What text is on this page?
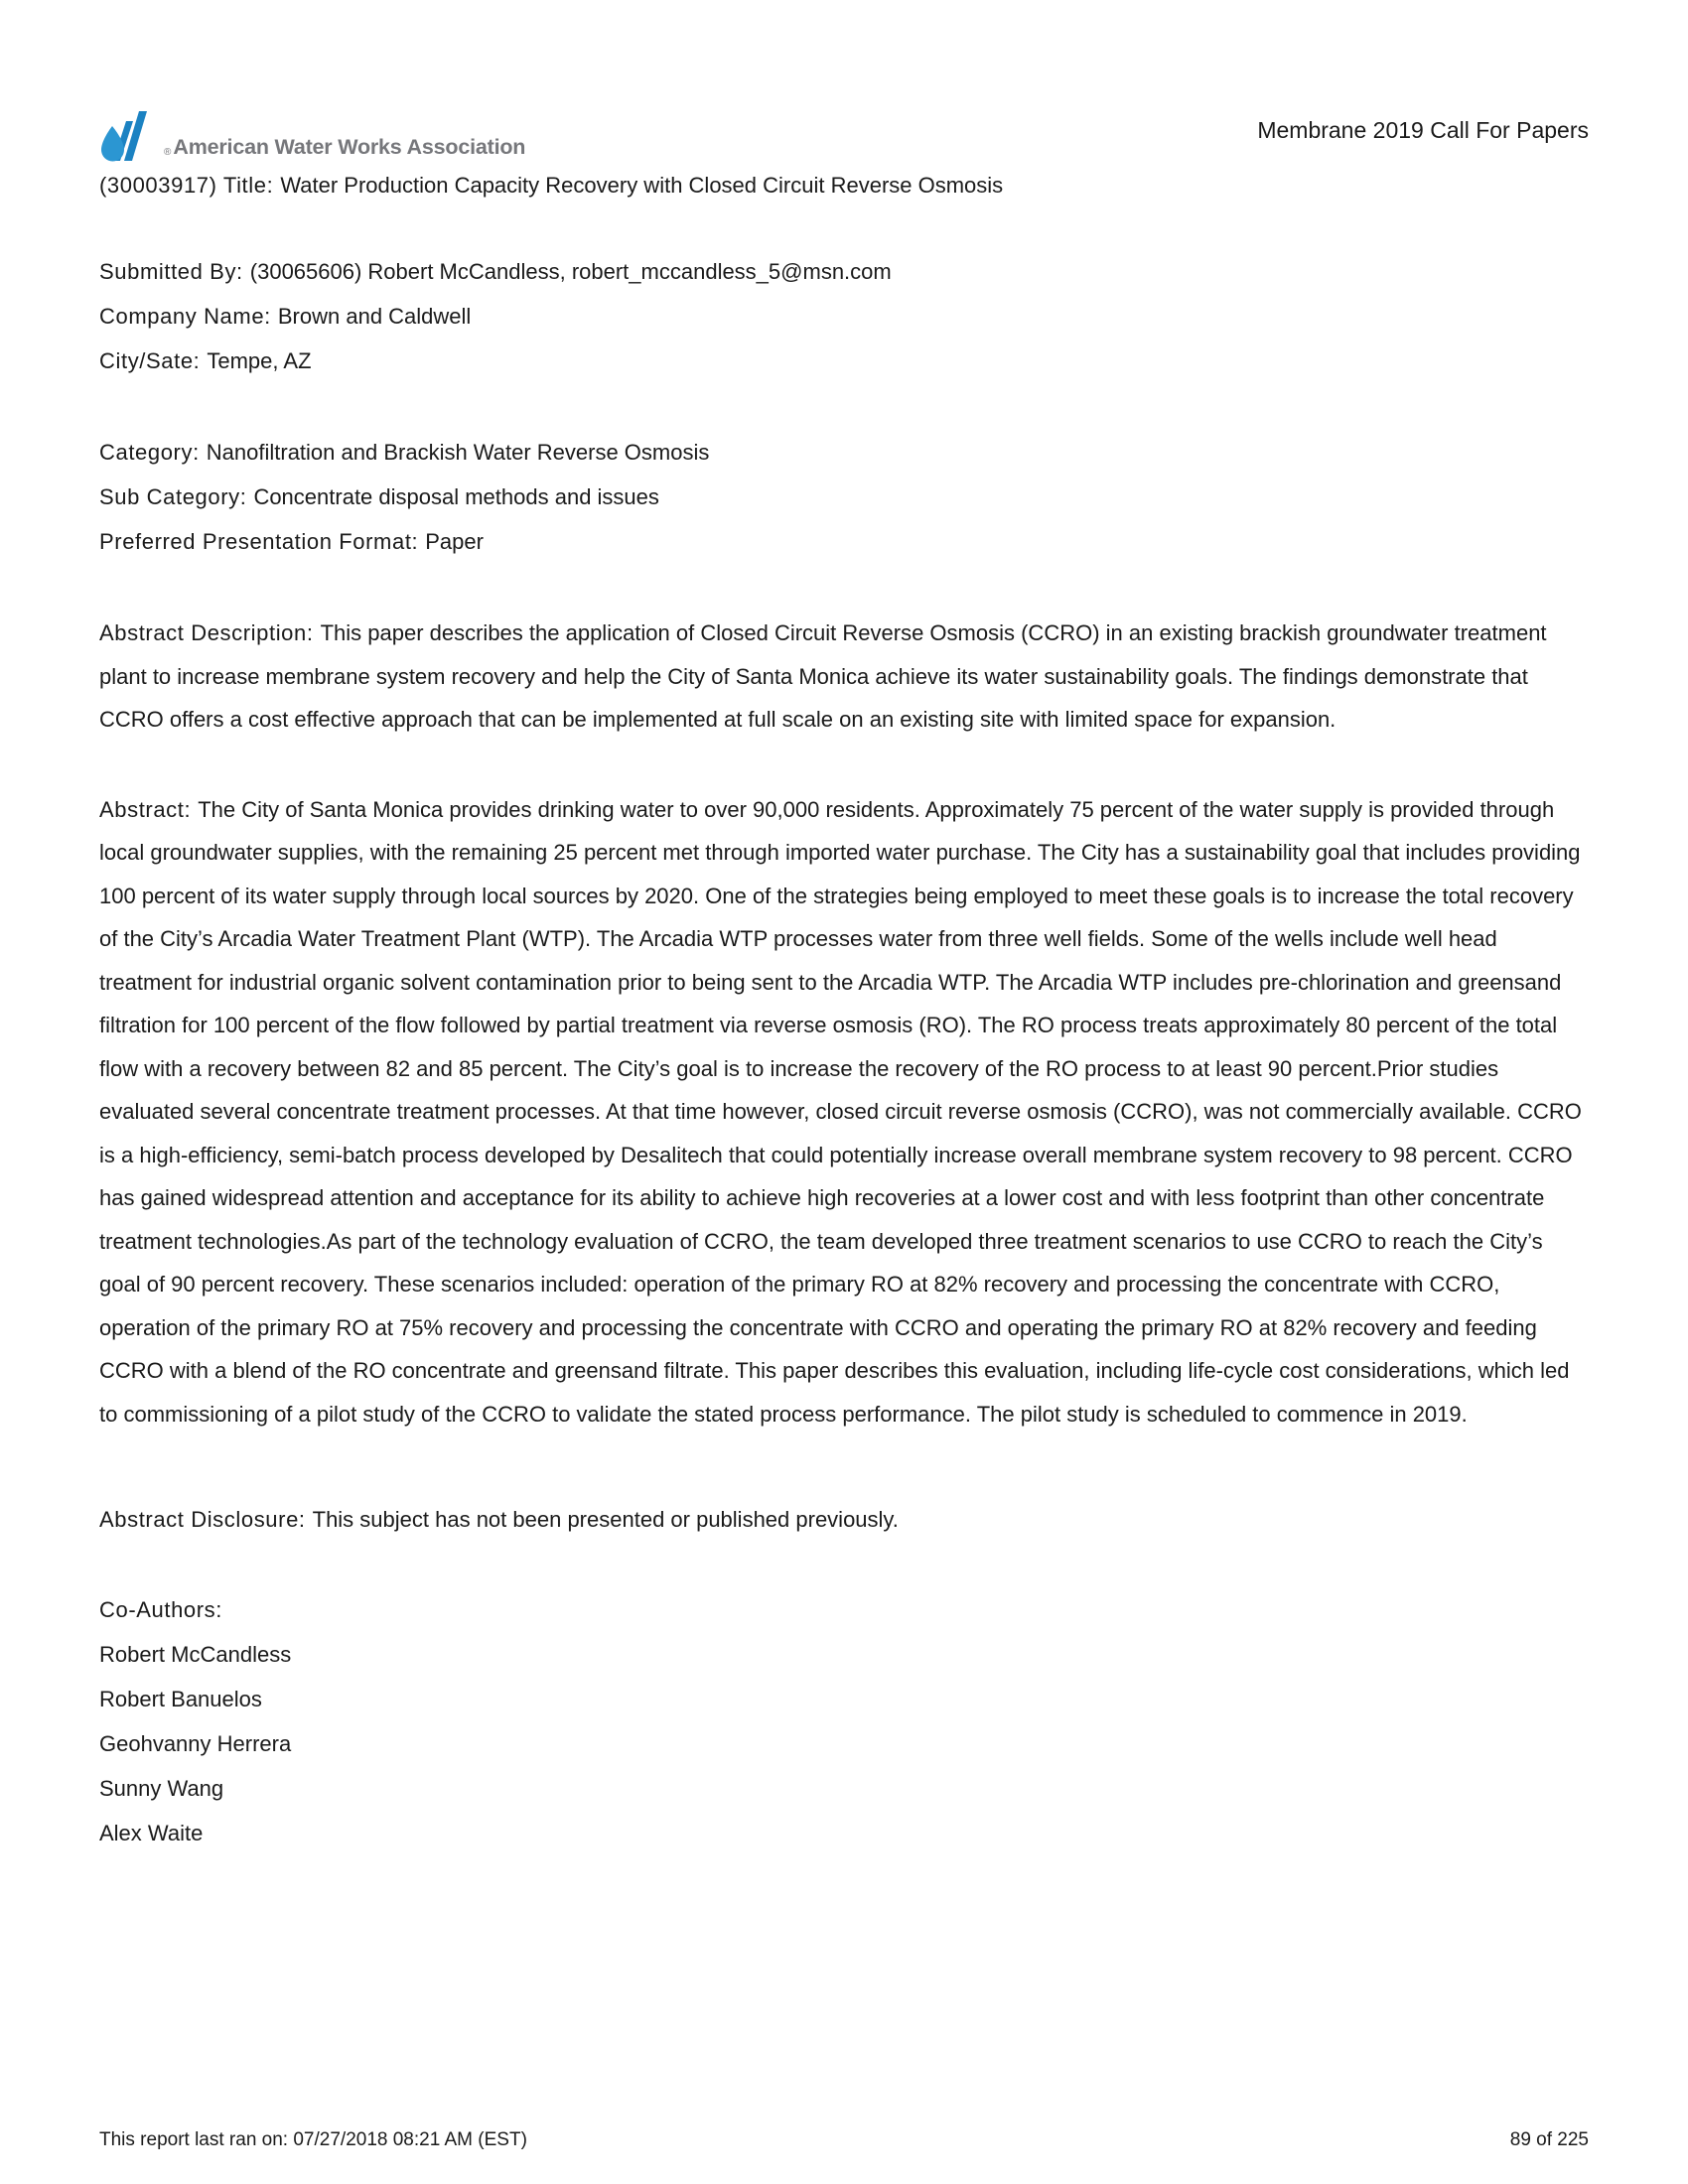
® American Water Works Association
Membrane 2019 Call For Papers

(30003917) Title: Water Production Capacity Recovery with Closed Circuit Reverse Osmosis

Submitted By: (30065606) Robert McCandless, robert_mccandless_5@msn.com

Company Name: Brown and Caldwell

City/Sate: Tempe, AZ

Category: Nanofiltration and Brackish Water Reverse Osmosis

Sub Category: Concentrate disposal methods and issues

Preferred Presentation Format: Paper

Abstract Description: This paper describes the application of Closed Circuit Reverse Osmosis (CCRO) in an existing brackish groundwater treatment plant to increase membrane system recovery and help the City of Santa Monica achieve its water sustainability goals. The findings demonstrate that CCRO offers a cost effective approach that can be implemented at full scale on an existing site with limited space for expansion.

Abstract: The City of Santa Monica provides drinking water to over 90,000 residents. Approximately 75 percent of the water supply is provided through local groundwater supplies, with the remaining 25 percent met through imported water purchase. The City has a sustainability goal that includes providing 100 percent of its water supply through local sources by 2020. One of the strategies being employed to meet these goals is to increase the total recovery of the City’s Arcadia Water Treatment Plant (WTP). The Arcadia WTP processes water from three well fields. Some of the wells include well head treatment for industrial organic solvent contamination prior to being sent to the Arcadia WTP. The Arcadia WTP includes pre-chlorination and greensand filtration for 100 percent of the flow followed by partial treatment via reverse osmosis (RO). The RO process treats approximately 80 percent of the total flow with a recovery between 82 and 85 percent. The City’s goal is to increase the recovery of the RO process to at least 90 percent.Prior studies evaluated several concentrate treatment processes. At that time however, closed circuit reverse osmosis (CCRO), was not commercially available. CCRO is a high-efficiency, semi-batch process developed by Desalitech that could potentially increase overall membrane system recovery to 98 percent. CCRO has gained widespread attention and acceptance for its ability to achieve high recoveries at a lower cost and with less footprint than other concentrate treatment technologies.As part of the technology evaluation of CCRO, the team developed three treatment scenarios to use CCRO to reach the City’s goal of 90 percent recovery. These scenarios included: operation of the primary RO at 82% recovery and processing the concentrate with CCRO, operation of the primary RO at 75% recovery and processing the concentrate with CCRO and operating the primary RO at 82% recovery and feeding CCRO with a blend of the RO concentrate and greensand filtrate. This paper describes this evaluation, including life-cycle cost considerations, which led to commissioning of a pilot study of the CCRO to validate the stated process performance. The pilot study is scheduled to commence in 2019.

Abstract Disclosure: This subject has not been presented or published previously.

Co-Authors:

Robert McCandless

Robert Banuelos

Geohvanny Herrera

Sunny Wang

Alex Waite

This report last ran on: 07/27/2018 08:21 AM (EST)	89 of 225
